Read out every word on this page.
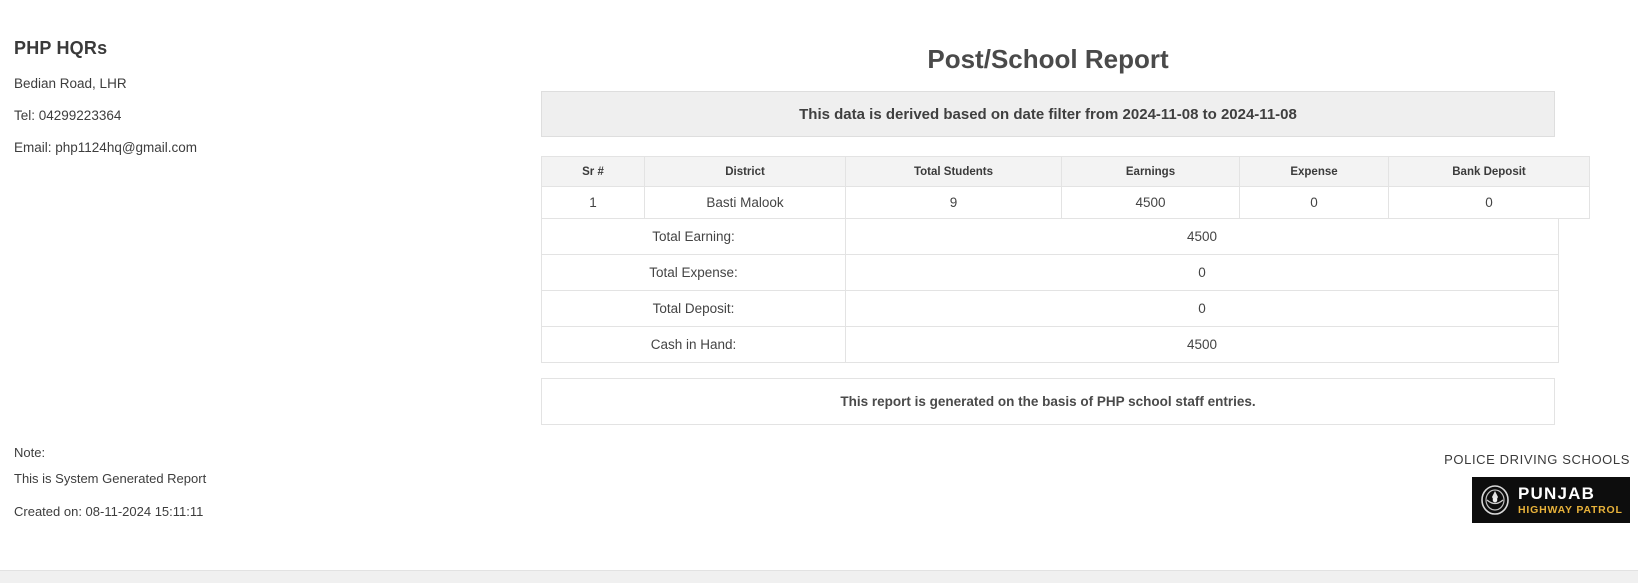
PHP HQRs
Bedian Road, LHR
Tel: 04299223364
Email: php1124hq@gmail.com
Post/School Report
This data is derived based on date filter from 2024-11-08 to 2024-11-08
Sr #	District	Total Students	Earnings	Expense	Bank Deposit
1	Basti Malook	9	4500	0	0
Total Earning:	4500
Total Expense:	0
Total Deposit:	0
Cash in Hand:	4500
This report is generated on the basis of PHP school staff entries.
Note:
This is System Generated Report
Created on: 08-11-2024 15:11:11
POLICE DRIVING SCHOOLS
PUNJAB
HIGHWAY PATROL
